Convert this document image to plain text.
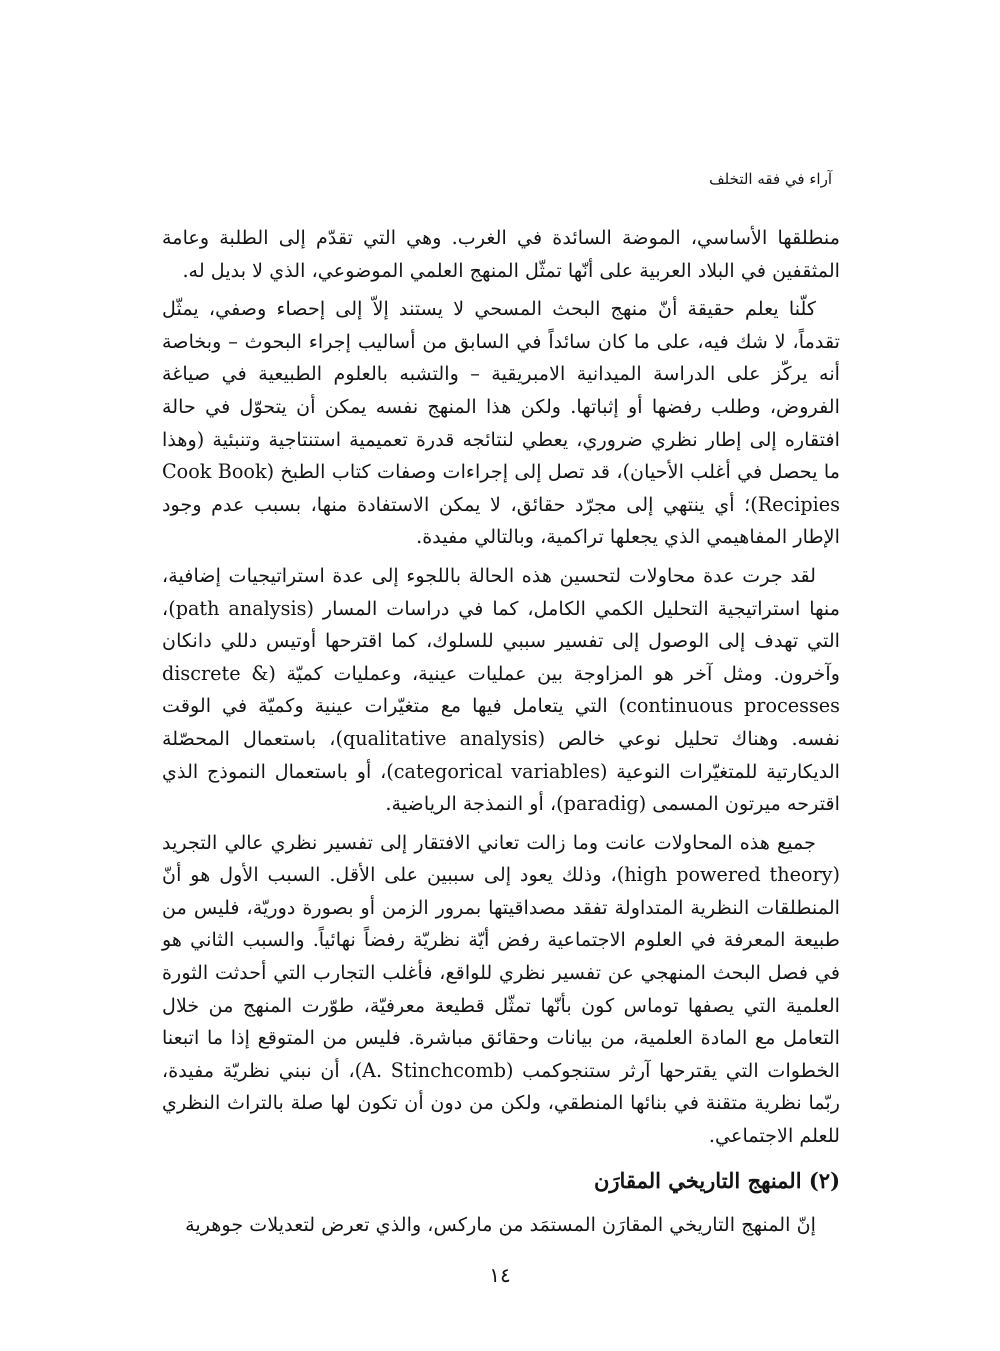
آراء في فقه التخلف

منطلقها الأساسي، الموضة السائدة في الغرب. وهي التي تقدّم إلى الطلبة وعامة المثقفين في البلاد العربية على أنّها تمثّل المنهج العلمي الموضوعي، الذي لا بديل له.

كلّنا يعلم حقيقة أنّ منهج البحث المسحي لا يستند إلاّ إلى إحصاء وصفي، يمثّل تقدماً، لا شك فيه، على ما كان سائداً في السابق من أساليب إجراء البحوث – وبخاصة أنه يركّز على الدراسة الميدانية الامبريقية – والتشبه بالعلوم الطبيعية في صياغة الفروض، وطلب رفضها أو إثباتها. ولكن هذا المنهج نفسه يمكن أن يتحوّل في حالة افتقاره إلى إطار نظري ضروري، يعطي لنتائجه قدرة تعميمية استنتاجية وتنبئية (وهذا ما يحصل في أغلب الأحيان)، قد تصل إلى إجراءات وصفات كتاب الطبخ (Cook Book Recipies)؛ أي ينتهي إلى مجرّد حقائق، لا يمكن الاستفادة منها، بسبب عدم وجود الإطار المفاهيمي الذي يجعلها تراكمية، وبالتالي مفيدة.

لقد جرت عدة محاولات لتحسين هذه الحالة باللجوء إلى عدة استراتيجيات إضافية، منها استراتيجية التحليل الكمي الكامل، كما في دراسات المسار (path analysis)، التي تهدف إلى الوصول إلى تفسير سببي للسلوك، كما اقترحها أوتيس دللي دانكان وآخرون. ومثل آخر هو المزاوجة بين عمليات عينية، وعمليات كميّة (discrete & continuous processes) التي يتعامل فيها مع متغيّرات عينية وكميّة في الوقت نفسه. وهناك تحليل نوعي خالص (qualitative analysis)، باستعمال المحصّلة الديكارتية للمتغيّرات النوعية (categorical variables)، أو باستعمال النموذج الذي اقترحه ميرتون المسمى (paradig)، أو النمذجة الرياضية.

جميع هذه المحاولات عانت وما زالت تعاني الافتقار إلى تفسير نظري عالي التجريد (high powered theory)، وذلك يعود إلى سببين على الأقل. السبب الأول هو أنّ المنطلقات النظرية المتداولة تفقد مصداقيتها بمرور الزمن أو بصورة دوريّة، فليس من طبيعة المعرفة في العلوم الاجتماعية رفض أيّة نظريّة رفضاً نهائياً. والسبب الثاني هو في فصل البحث المنهجي عن تفسير نظري للواقع، فأغلب التجارب التي أحدثت الثورة العلمية التي يصفها توماس كون بأنّها تمثّل قطيعة معرفيّة، طوّرت المنهج من خلال التعامل مع المادة العلمية، من بيانات وحقائق مباشرة. فليس من المتوقع إذا ما اتبعنا الخطوات التي يقترحها آرثر ستنجوكمب (A. Stinchcomb)، أن نبني نظريّة مفيدة، ربّما نظرية متقنة في بنائها المنطقي، ولكن من دون أن تكون لها صلة بالتراث النظري للعلم الاجتماعي.

(٢) المنهج التاريخي المقارَن

إنّ المنهج التاريخي المقارَن المستمَد من ماركس، والذي تعرض لتعديلات جوهرية

١٤
